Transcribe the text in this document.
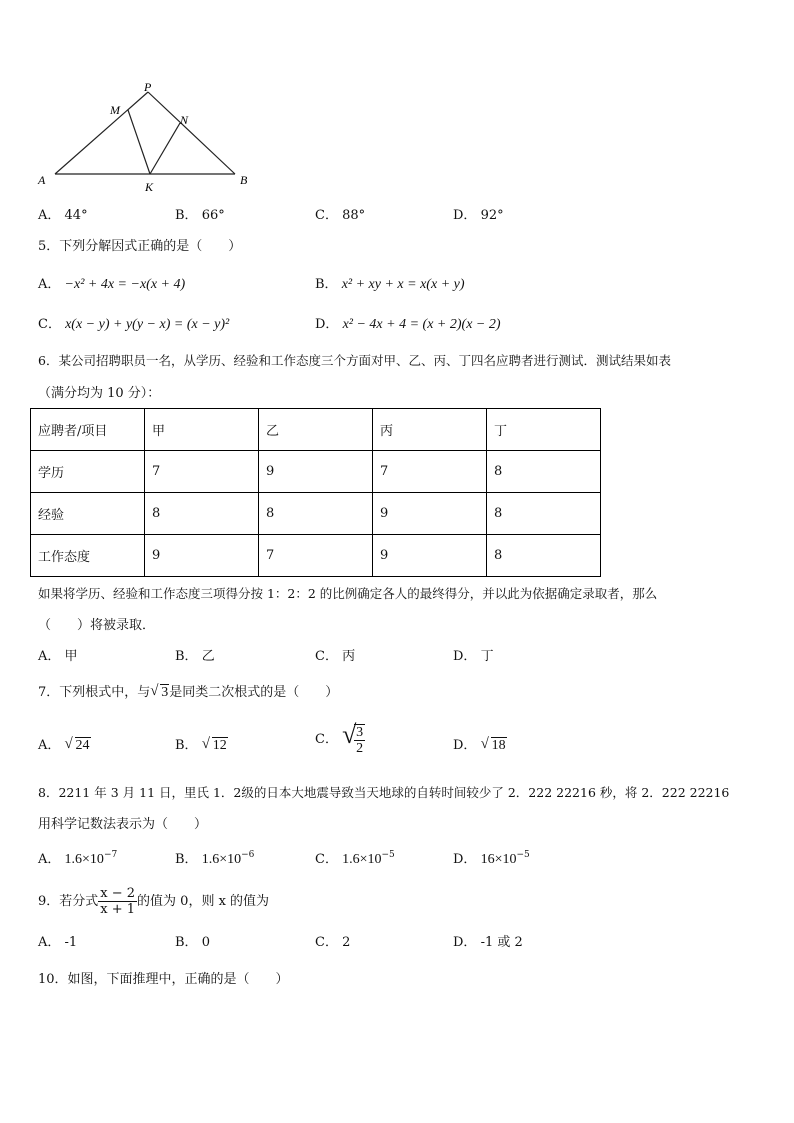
P
M
N
A	B
K
A． 44°	B． 66°	C． 88°	D． 92°
5．下列分解因式正确的是（　　）
A． −x² + 4x = −x(x + 4)	B． x² + xy + x = x(x + y)
C． x(x − y) + y(y − x) = (x − y)²	D． x² − 4x + 4 = (x + 2)(x − 2)
6．某公司招聘职员一名，从学历、经验和工作态度三个方面对甲、乙、丙、丁四名应聘者进行测试．测试结果如表
（满分均为 10 分）：
应聘者/项目	甲	乙	丙	丁
学历	7	9	7	8
经验	8	8	9	8
工作态度	9	7	9	8
如果将学历、经验和工作态度三项得分按 1：2：2 的比例确定各人的最终得分，并以此为依据确定录取者，那么
（　　）将被录取．
A． 甲	B． 乙	C． 丙	D． 丁
7．下列根式中，与 √ 3是同类二次根式的是（　　）
A． √ 24	B． √ 12	C． √
$\frac{3}{2}$	D． √ 18
8．2211 年 3 月 11 日，里氏 1．2级的日本大地震导致当天地球的自转时间较少了 2．222 22216 秒，将 2．222 22216
用科学记数法表示为（　　）
A． $1.6\times 10^{-7}$	B． $1.6\times 10^{-6}$	C． $1.6\times 10^{-5}$	D． $16\times 10^{-5}$
9．若分式 $\frac{x - 2}{x + 1}$ 的值为 0，则 x 的值为
A． -1	B． 0	C． 2	D． -1 或 2
10．如图，下面推理中，正确的是（　　）
